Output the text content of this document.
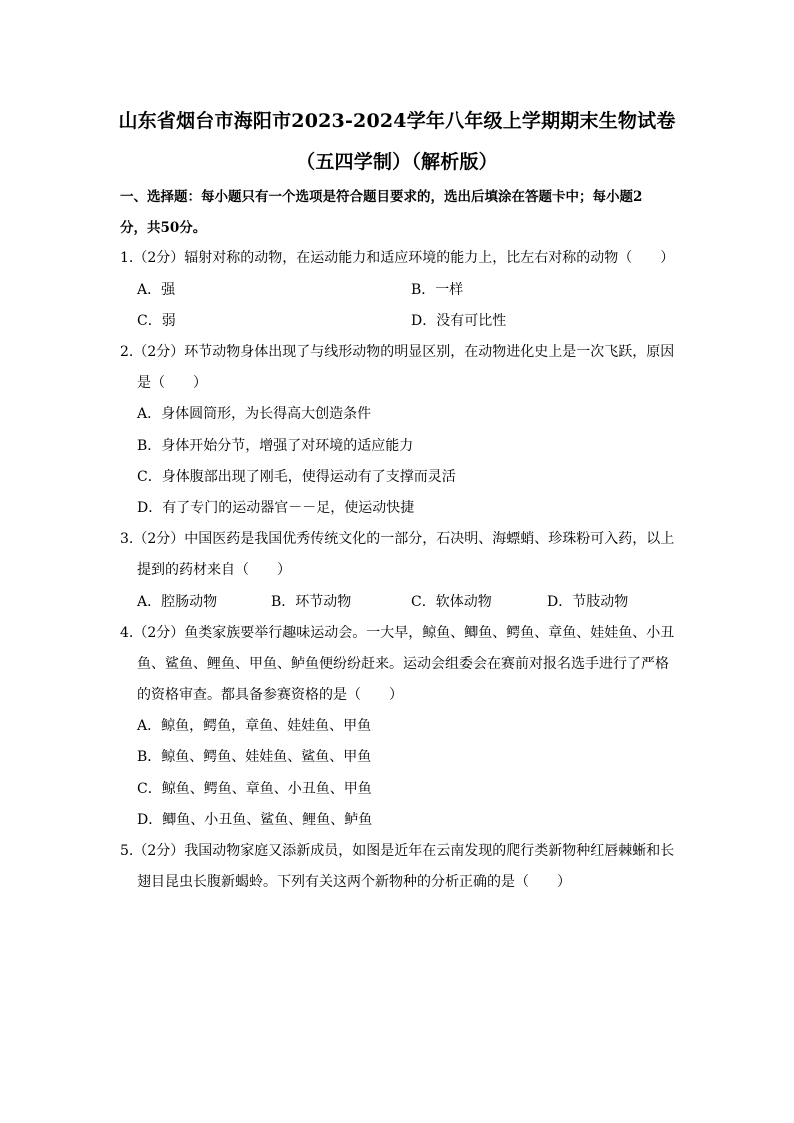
山东省烟台市海阳市2023-2024学年八年级上学期期末生物试卷
（五四学制）（解析版）
一、选择题：每小题只有一个选项是符合题目要求的，选出后填涂在答题卡中；每小题2
分，共50分。
1.（2分）辐射对称的动物，在运动能力和适应环境的能力上，比左右对称的动物（　　）
A．强	B．一样
C．弱	D．没有可比性
2.（2分）环节动物身体出现了与线形动物的明显区别，在动物进化史上是一次飞跃，原因
是（　　）
A．身体圆筒形，为长得高大创造条件
B．身体开始分节，增强了对环境的适应能力
C．身体腹部出现了刚毛，使得运动有了支撑而灵活
D．有了专门的运动器官－－足，使运动快捷
3.（2分）中国医药是我国优秀传统文化的一部分，石决明、海螵蛸、珍珠粉可入药，以上
提到的药材来自（　　）
A．腔肠动物	B．环节动物	C．软体动物	D．节肢动物
4.（2分）鱼类家族要举行趣味运动会。一大早，鲸鱼、鲫鱼、鳄鱼、章鱼、娃娃鱼、小丑
鱼、鲨鱼、鲤鱼、甲鱼、鲈鱼便纷纷赶来。运动会组委会在赛前对报名选手进行了严格
的资格审查。都具备参赛资格的是（　　）
A．鲸鱼，鳄鱼，章鱼、娃娃鱼、甲鱼
B．鲸鱼、鳄鱼、娃娃鱼、鲨鱼、甲鱼
C．鲸鱼、鳄鱼、章鱼、小丑鱼、甲鱼
D．鲫鱼、小丑鱼、鲨鱼、鲤鱼、鲈鱼
5.（2分）我国动物家庭又添新成员，如图是近年在云南发现的爬行类新物种红唇棘蜥和长
翅目昆虫长腹新蝎蛉。下列有关这两个新物种的分析正确的是（　　）
